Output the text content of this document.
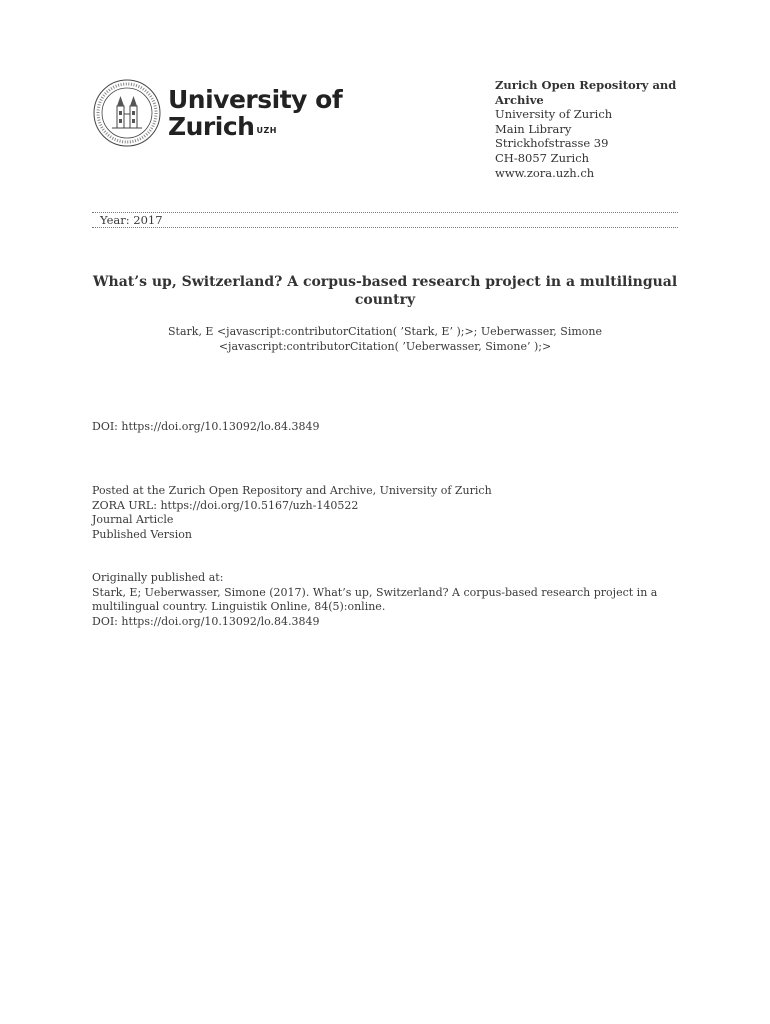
University of
Zurich $^{UZH}$
Zurich Open Repository and
Archive
University of Zurich
Main Library
Strickhofstrasse 39
CH-8057 Zurich
www.zora.uzh.ch
Year: 2017
What’s up, Switzerland? A corpus-based research project in a multilingual
country
Stark, E <javascript:contributorCitation( ’Stark, E’ );>; Ueberwasser, Simone
<javascript:contributorCitation( ’Ueberwasser, Simone’ );>
DOI: https://doi.org/10.13092/lo.84.3849
Posted at the Zurich Open Repository and Archive, University of Zurich
ZORA URL: https://doi.org/10.5167/uzh-140522
Journal Article
Published Version
Originally published at:
Stark, E; Ueberwasser, Simone (2017). What’s up, Switzerland? A corpus-based research project in a
multilingual country. Linguistik Online, 84(5):online.
DOI: https://doi.org/10.13092/lo.84.3849
